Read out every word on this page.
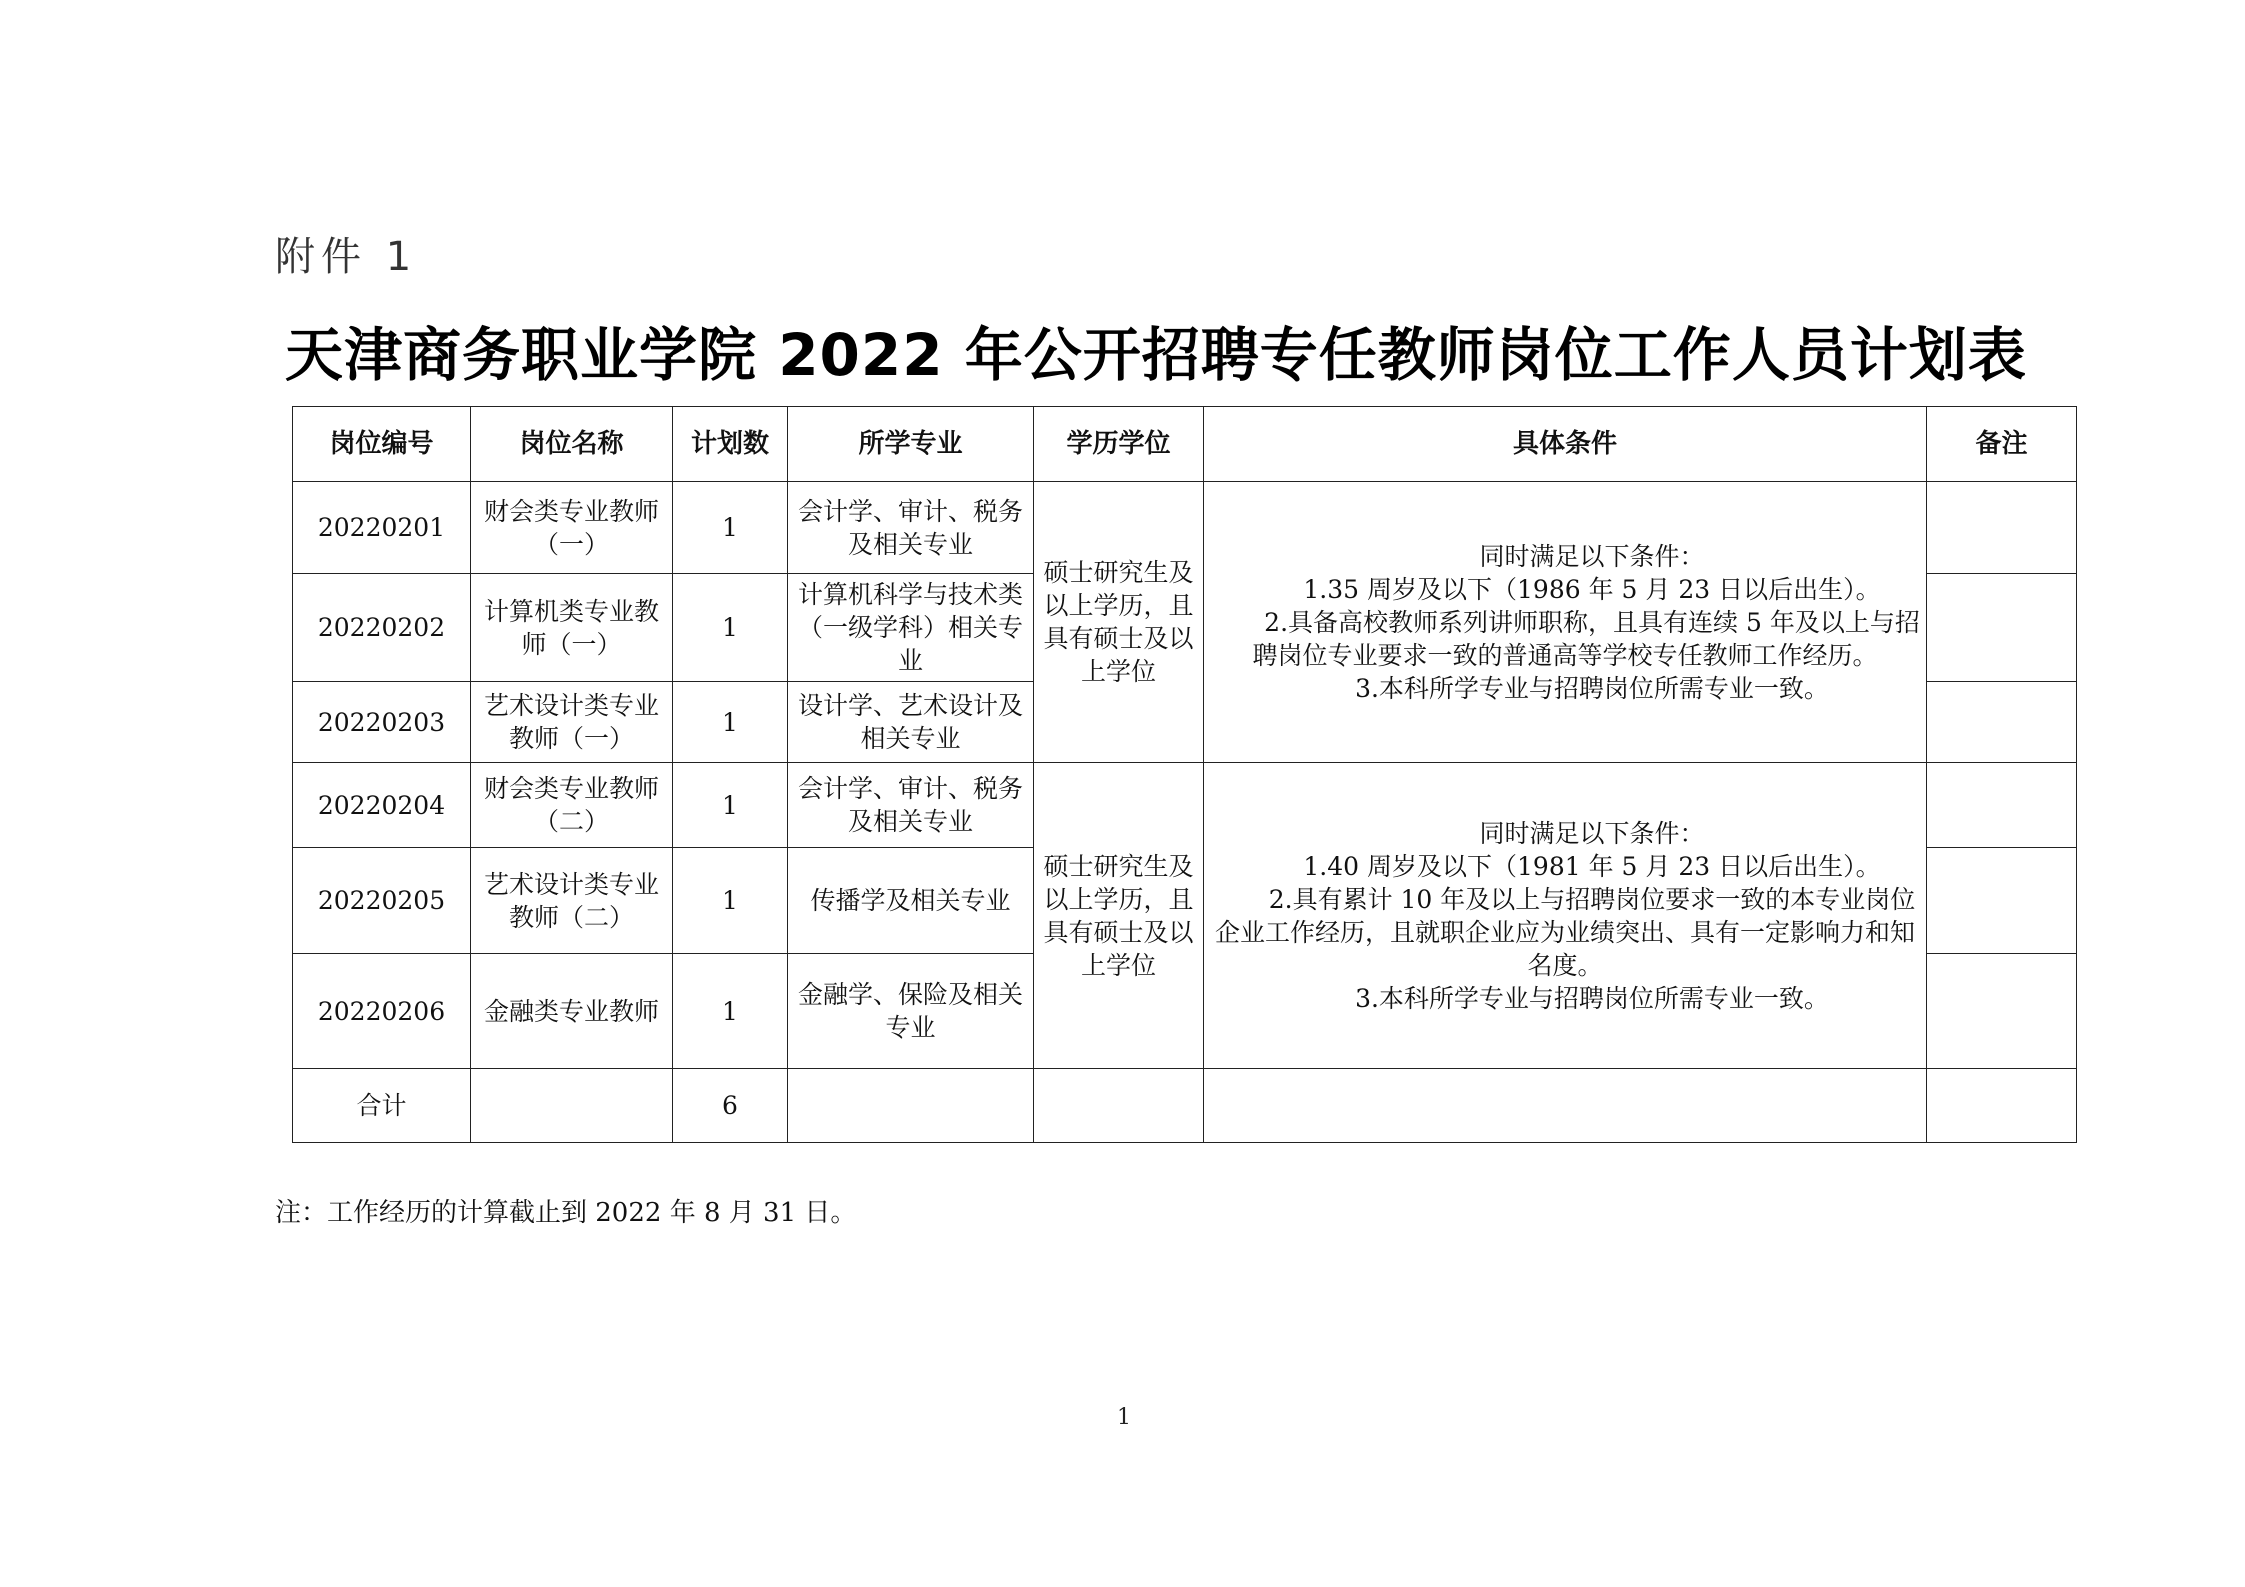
附件 1
天津商务职业学院 2022 年公开招聘专任教师岗位工作人员计划表
岗位编号	岗位名称	计划数	所学专业	学历学位	具体条件	备注
20220201	财会类专业教师（一）	1	会计学、审计、税务及相关专业	硕士研究生及以上学历，且具有硕士及以上学位	同时满足以下条件：

1.35 周岁及以下（1986 年 5 月 23 日以后出生）。

2.具备高校教师系列讲师职称，且具有连续 5 年及以上与招聘岗位专业要求一致的普通高等学校专任教师工作经历。

3.本科所学专业与招聘岗位所需专业一致。	

20220202	计算机类专业教师（一）	1	计算机科学与技术类（一级学科）相关专业			
20220203	艺术设计类专业教师（一）	1	设计学、艺术设计及相关专业			
20220204	财会类专业教师（二）	1	会计学、审计、税务及相关专业	硕士研究生及以上学历，且具有硕士及以上学位	同时满足以下条件：

1.40 周岁及以下（1981 年 5 月 23 日以后出生）。

2.具有累计 10 年及以上与招聘岗位要求一致的本专业岗位企业工作经历，且就职企业应为业绩突出、具有一定影响力和知名度。

3.本科所学专业与招聘岗位所需专业一致。	

20220205	艺术设计类专业教师（二）	1	传播学及相关专业			
20220206	金融类专业教师	1	金融学、保险及相关专业			
合计		6				
注：工作经历的计算截止到 2022 年 8 月 31 日。
1
